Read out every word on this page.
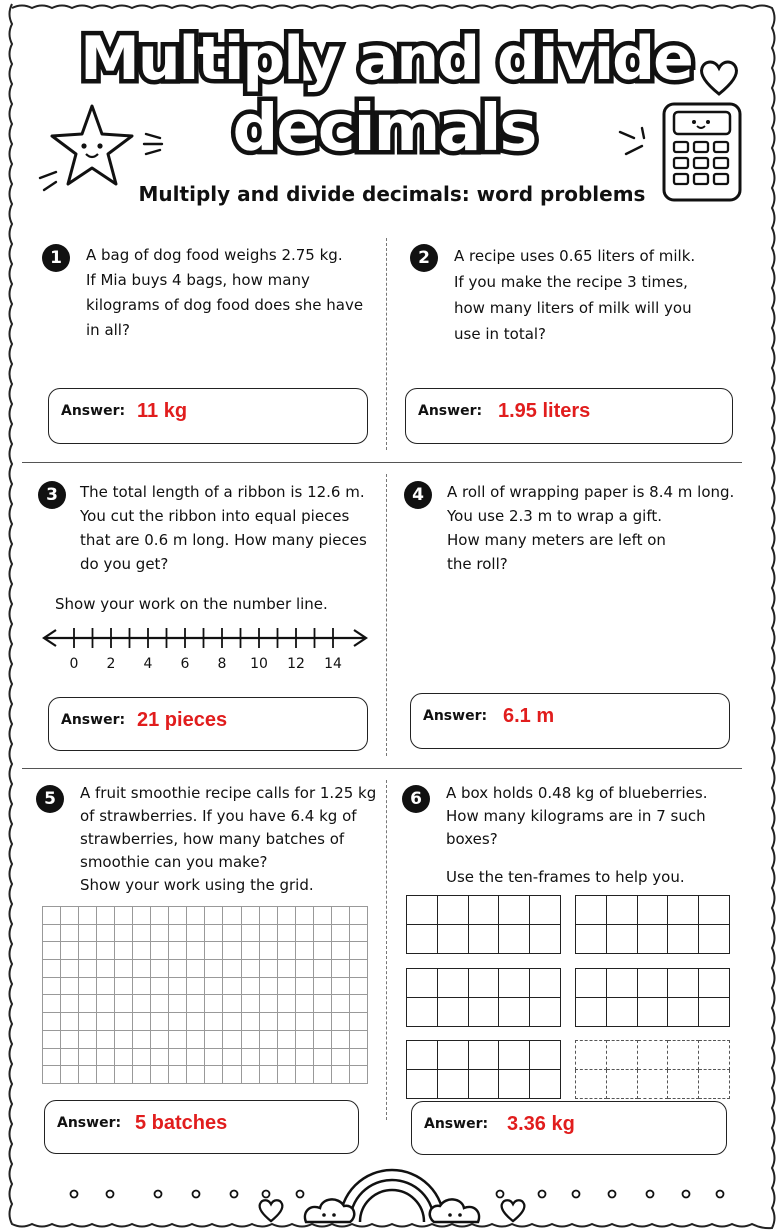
Multiply and divide
decimals
Multiply and divide decimals: word problems
1	A bag of dog food weighs 2.75 kg.
If Mia buys 4 bags, how many
kilograms of dog food does she have
in all?
Answer: 11 kg
2	A recipe uses 0.65 liters of milk.
If you make the recipe 3 times,
how many liters of milk will you
use in total?
Answer: 1.95 liters
3	The total length of a ribbon is 12.6 m.
You cut the ribbon into equal pieces
that are 0.6 m long. How many pieces
do you get?
Show your work on the number line.
0	2	4	6	8	10	12	14
Answer: 21 pieces
4	A roll of wrapping paper is 8.4 m long.
You use 2.3 m to wrap a gift.
How many meters are left on
the roll?
Answer: 6.1 m
5	A fruit smoothie recipe calls for 1.25 kg
of strawberries. If you have 6.4 kg of
strawberries, how many batches of
smoothie can you make?
Show your work using the grid.

Answer: 5 batches
6	A box holds 0.48 kg of blueberries.
How many kilograms are in 7 such
boxes?
Use the ten-frames to help you.

Answer: 3.36 kg
